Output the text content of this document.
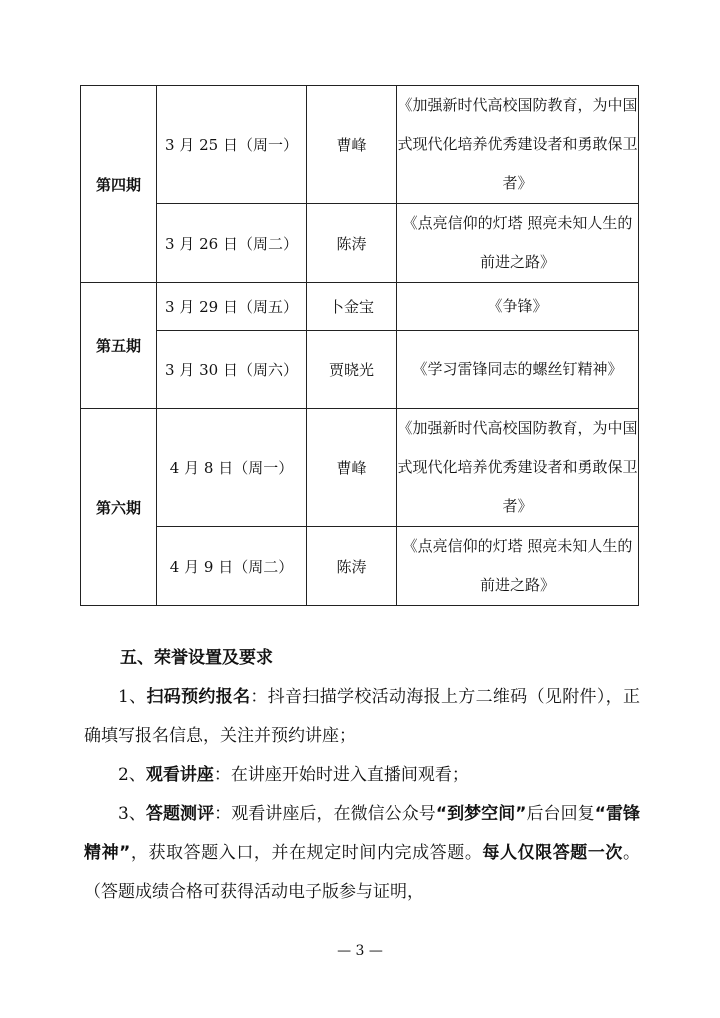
第四期	3 月 25 日（周一）	曹峰	《加强新时代高校国防教育，为中国式现代化培养优秀建设者和勇敢保卫者》
	3 月 26 日（周二）	陈涛	《点亮信仰的灯塔 照亮未知人生的前进之路》
第五期	3 月 29 日（周五）	卜金宝	《争锋》
	3 月 30 日（周六）	贾晓光	《学习雷锋同志的螺丝钉精神》
第六期	4 月 8 日（周一）	曹峰	《加强新时代高校国防教育，为中国式现代化培养优秀建设者和勇敢保卫者》
	4 月 9 日（周二）	陈涛	《点亮信仰的灯塔 照亮未知人生的前进之路》
五、荣誉设置及要求
1、扫码预约报名：抖音扫描学校活动海报上方二维码（见附件），正确填写报名信息，关注并预约讲座；
2、观看讲座：在讲座开始时进入直播间观看；
3、答题测评：观看讲座后，在微信公众号“到梦空间”后台回复“雷锋精神”，获取答题入口，并在规定时间内完成答题。每人仅限答题一次。（答题成绩合格可获得活动电子版参与证明，
— 3 —
